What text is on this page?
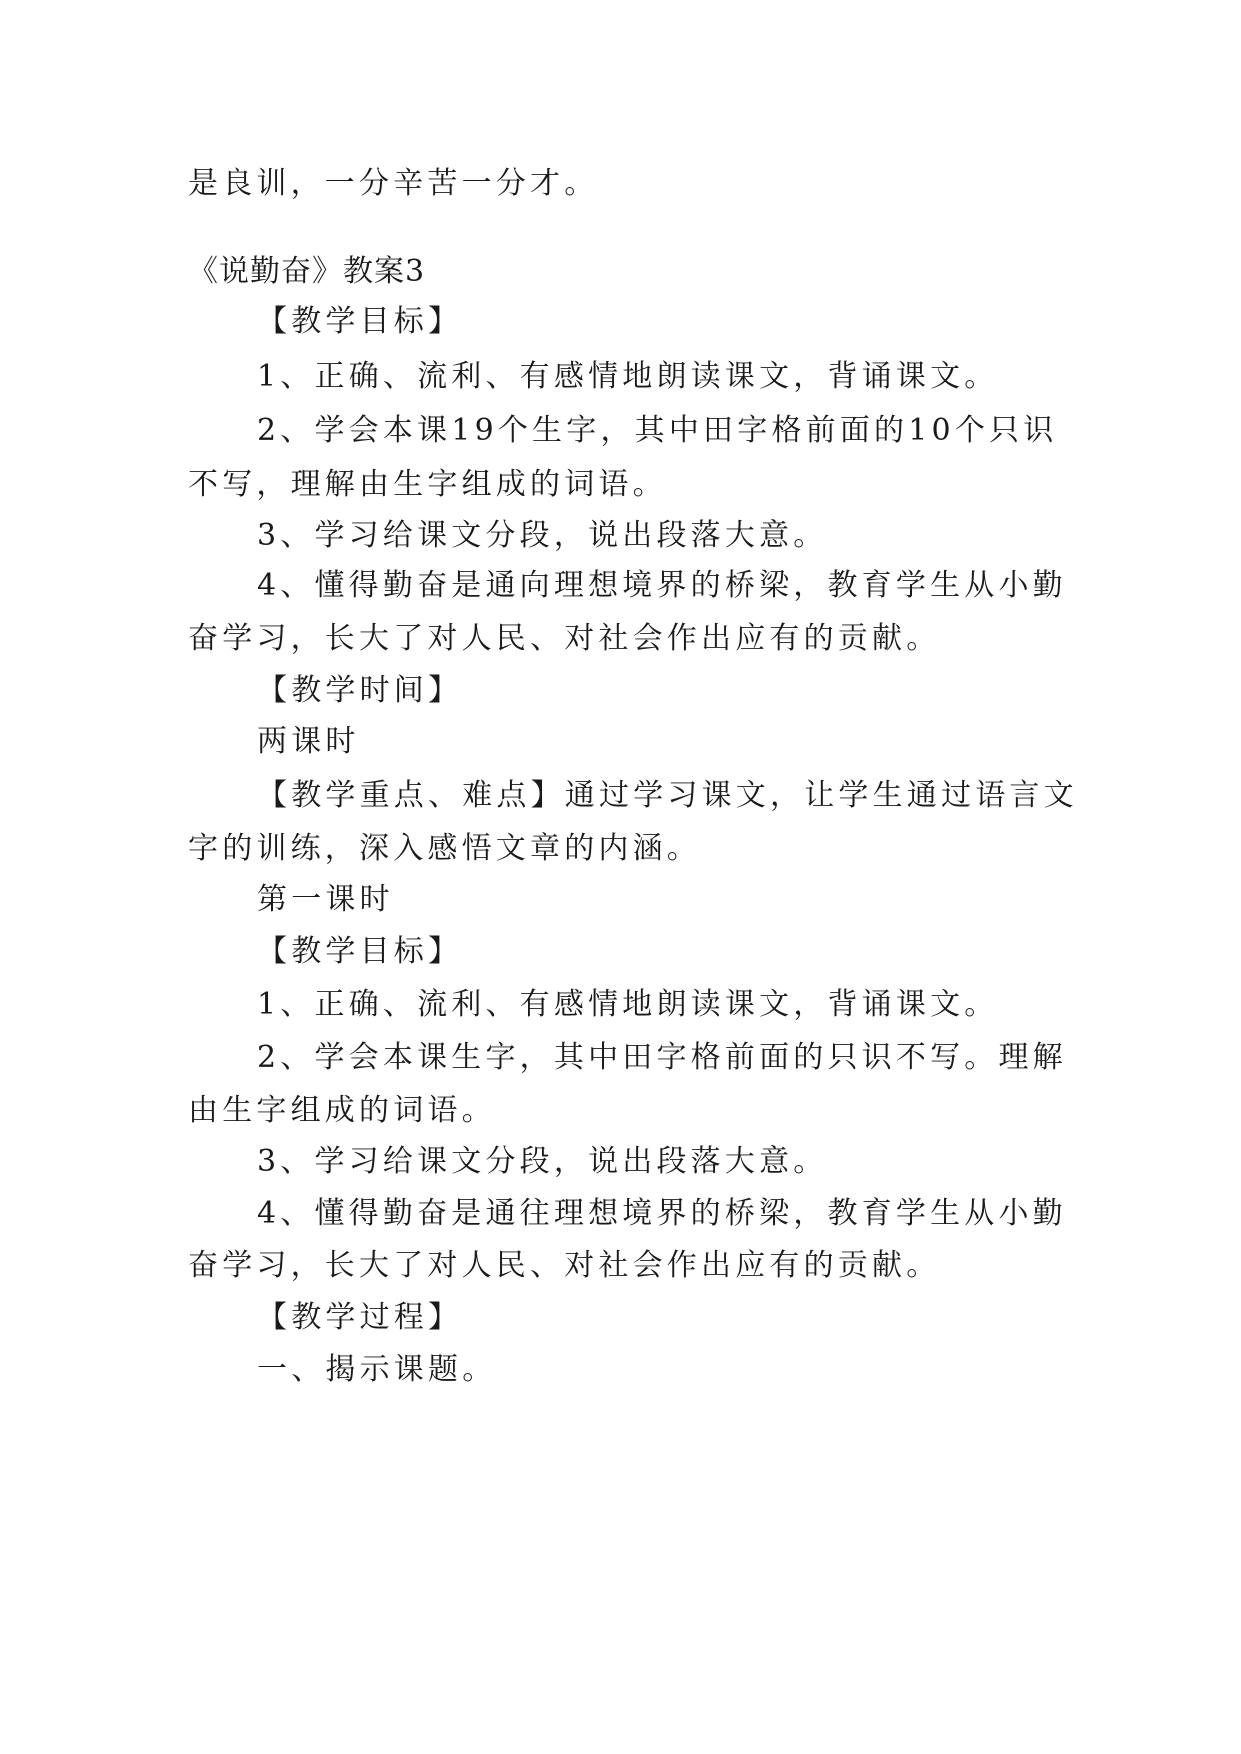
是良训，一分辛苦一分才。
《说勤奋》教案3
【教学目标】
1、正确、流利、有感情地朗读课文，背诵课文。
2、学会本课19个生字，其中田字格前面的10个只识
不写，理解由生字组成的词语。
3、学习给课文分段，说出段落大意。
4、懂得勤奋是通向理想境界的桥梁，教育学生从小勤
奋学习，长大了对人民、对社会作出应有的贡献。
【教学时间】
两课时
【教学重点、难点】通过学习课文，让学生通过语言文
字的训练，深入感悟文章的内涵。
第一课时
【教学目标】
1、正确、流利、有感情地朗读课文，背诵课文。
2、学会本课生字，其中田字格前面的只识不写。理解
由生字组成的词语。
3、学习给课文分段，说出段落大意。
4、懂得勤奋是通往理想境界的桥梁，教育学生从小勤
奋学习，长大了对人民、对社会作出应有的贡献。
【教学过程】
一、揭示课题。
